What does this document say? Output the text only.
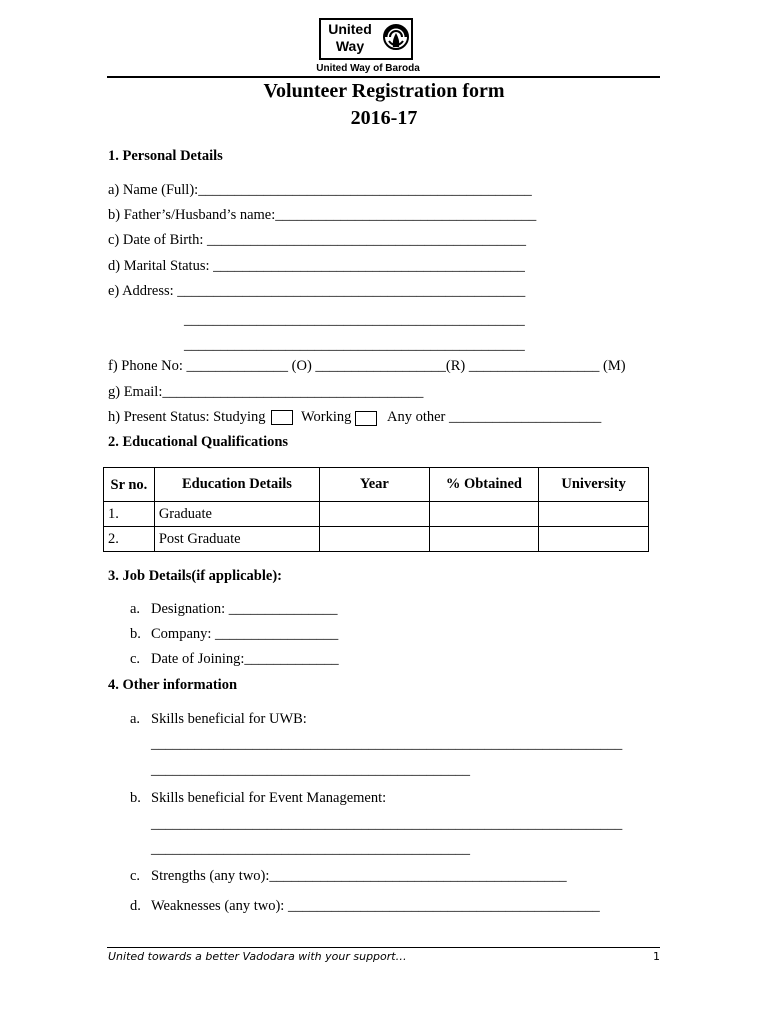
United
Way
United Way of Baroda
Volunteer Registration form
2016-17
1. Personal Details
a) Name (Full):______________________________________________
b) Father’s/Husband’s name:____________________________________
c) Date of Birth: ____________________________________________
d) Marital Status: ___________________________________________
e) Address: ________________________________________________
_______________________________________________
_______________________________________________
f) Phone No: ______________ (O) __________________(R) __________________ (M)
g) Email:____________________________________
h) Present Status: Studying Working Any other _____________________
2. Educational Qualifications
Sr no.	Education Details	Year	% Obtained	University
1.	Graduate			
2.	Post Graduate			
3. Job Details(if applicable):
a. Designation: _______________
b. Company: _________________
c. Date of Joining:_____________
4. Other information
a. Skills beneficial for UWB:
_________________________________________________________________
____________________________________________
b. Skills beneficial for Event Management:
_________________________________________________________________
____________________________________________
c. Strengths (any two):_________________________________________
d. Weaknesses (any two): ___________________________________________
United towards a better Vadodara with your support…	1
